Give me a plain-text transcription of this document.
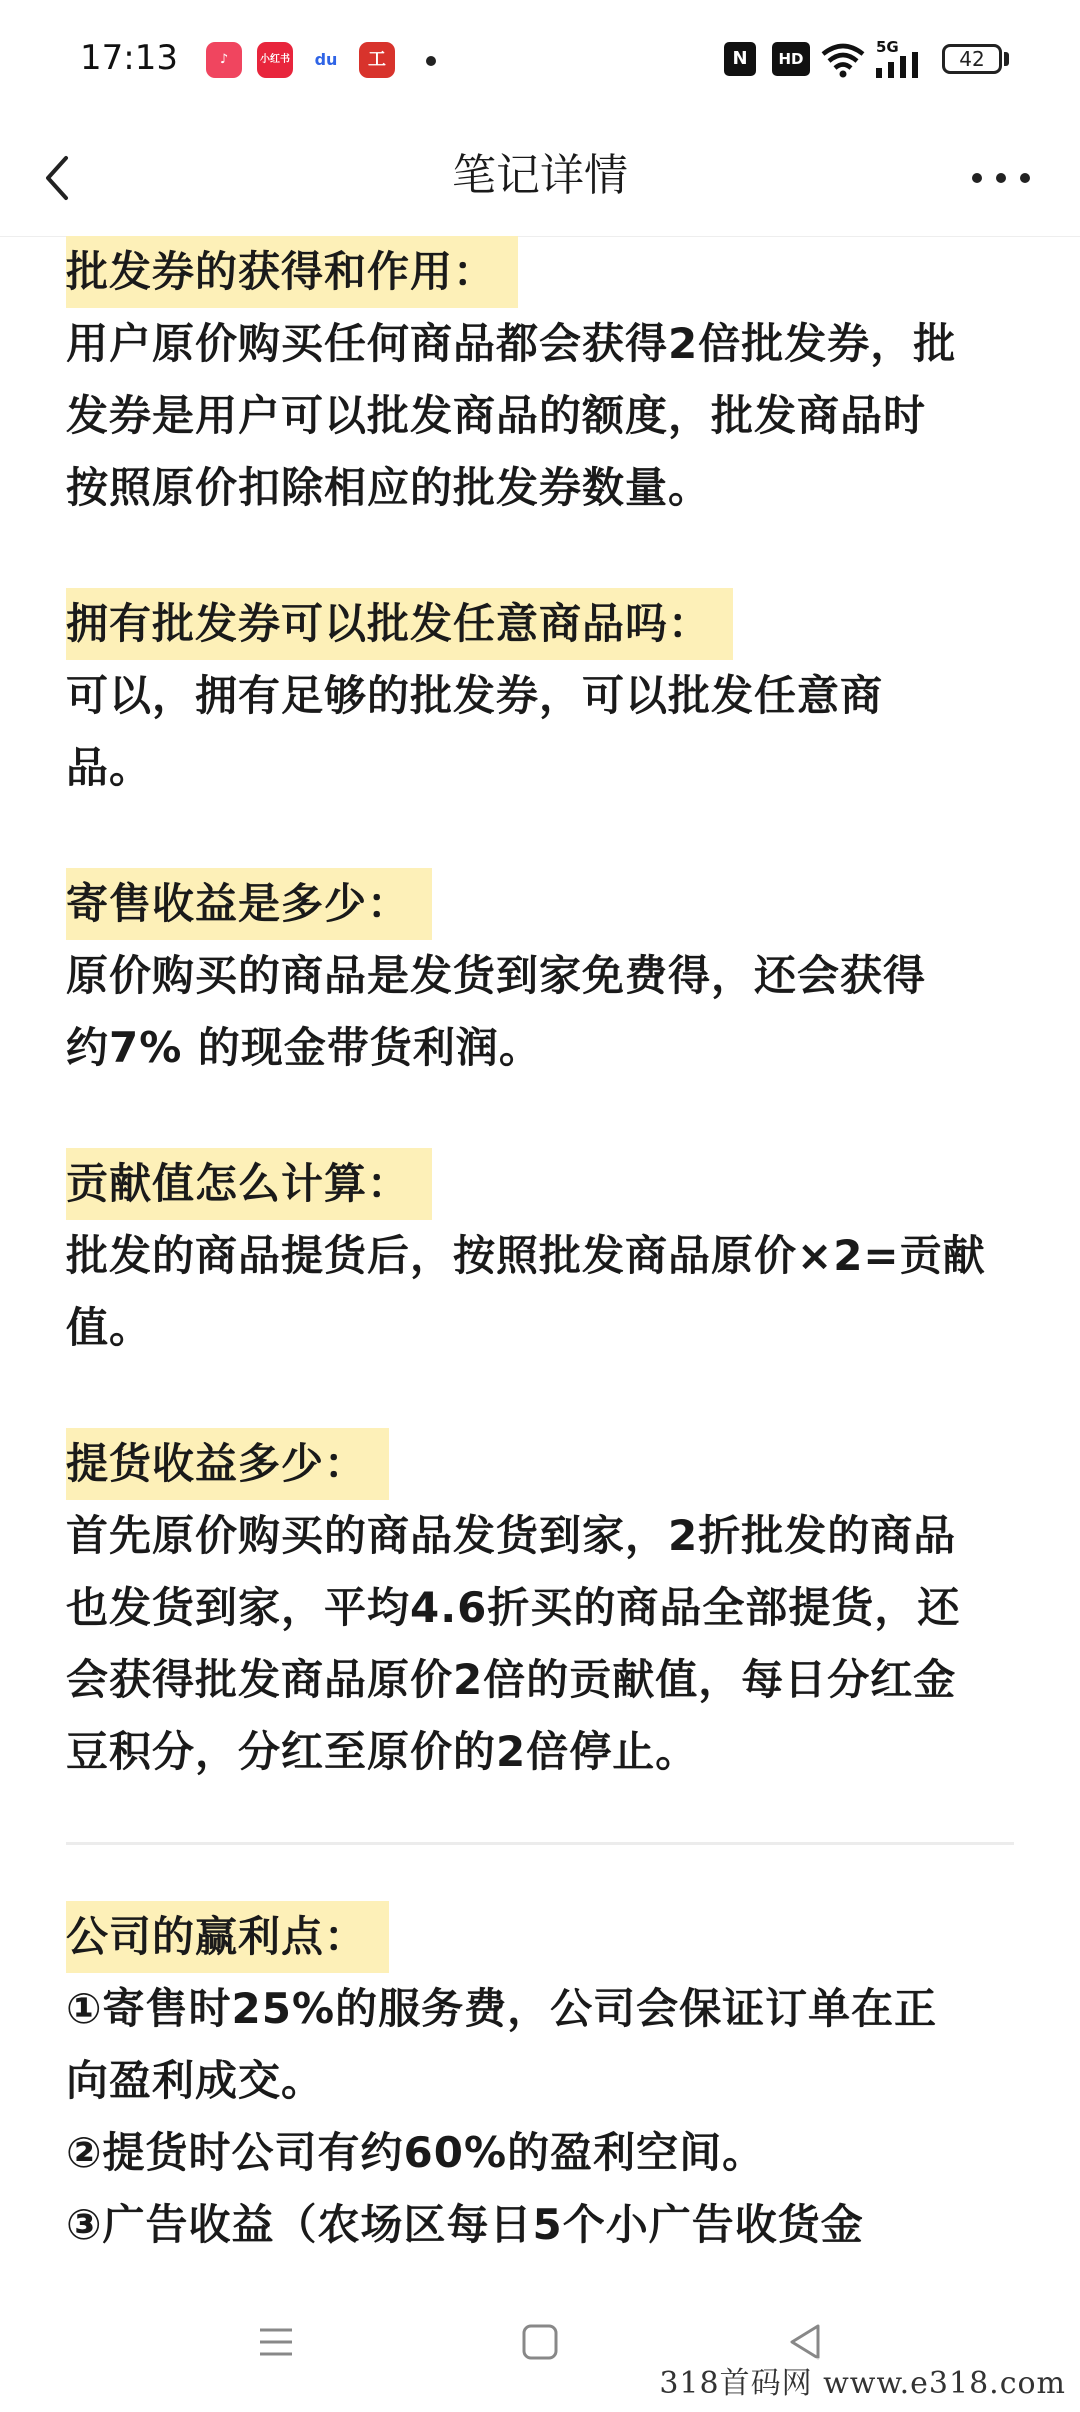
17:13	♪	小红书	du	工	N	HD
5G	42
笔记详情
批发券的获得和作用：

用户原价购买任何商品都会获得2倍批发券，批

发券是用户可以批发商品的额度，批发商品时

按照原价扣除相应的批发券数量。

拥有批发券可以批发任意商品吗：

可以，拥有足够的批发券，可以批发任意商

品。

寄售收益是多少：

原价购买的商品是发货到家免费得，还会获得

约7% 的现金带货利润。

贡献值怎么计算：

批发的商品提货后，按照批发商品原价×2=贡献

值。

提货收益多少：

首先原价购买的商品发货到家，2折批发的商品

也发货到家，平均4.6折买的商品全部提货，还

会获得批发商品原价2倍的贡献值，每日分红金

豆积分，分红至原价的2倍停止。

公司的赢利点：

①寄售时25%的服务费，公司会保证订单在正

向盈利成交。

②提货时公司有约60%的盈利空间。

③广告收益（农场区每日5个小广告收货金

318首码网 www.e318.com
